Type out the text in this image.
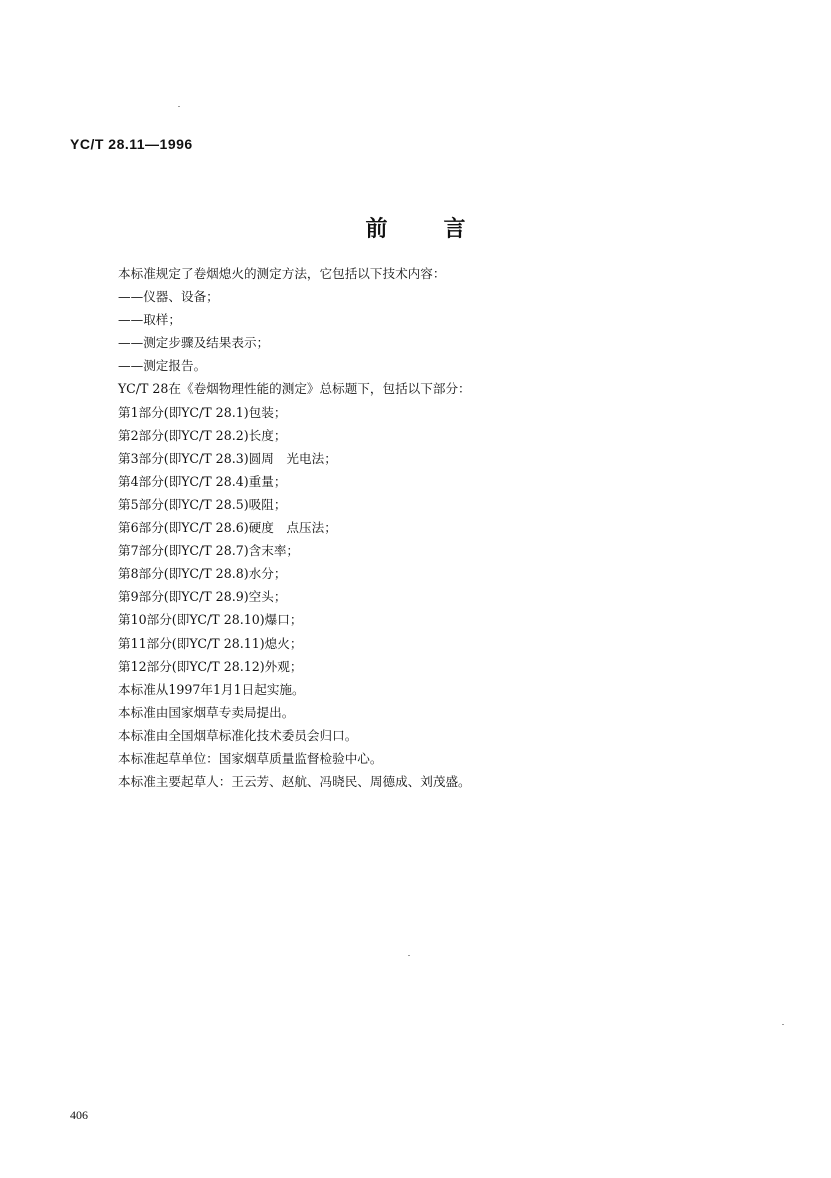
YC/T 28.11—1996
前言
本标准规定了卷烟熄火的测定方法，它包括以下技术内容：
——仪器、设备；
——取样；
——测定步骤及结果表示；
——测定报告。
YC/T 28在《卷烟物理性能的测定》总标题下，包括以下部分：
第1部分(即YC/T 28.1)包装；
第2部分(即YC/T 28.2)长度；
第3部分(即YC/T 28.3)圆周　光电法；
第4部分(即YC/T 28.4)重量；
第5部分(即YC/T 28.5)吸阻；
第6部分(即YC/T 28.6)硬度　点压法；
第7部分(即YC/T 28.7)含末率；
第8部分(即YC/T 28.8)水分；
第9部分(即YC/T 28.9)空头；
第10部分(即YC/T 28.10)爆口；
第11部分(即YC/T 28.11)熄火；
第12部分(即YC/T 28.12)外观；
本标准从1997年1月1日起实施。
本标准由国家烟草专卖局提出。
本标准由全国烟草标准化技术委员会归口。
本标准起草单位：国家烟草质量监督检验中心。
本标准主要起草人：王云芳、赵航、冯晓民、周德成、刘茂盛。
406
